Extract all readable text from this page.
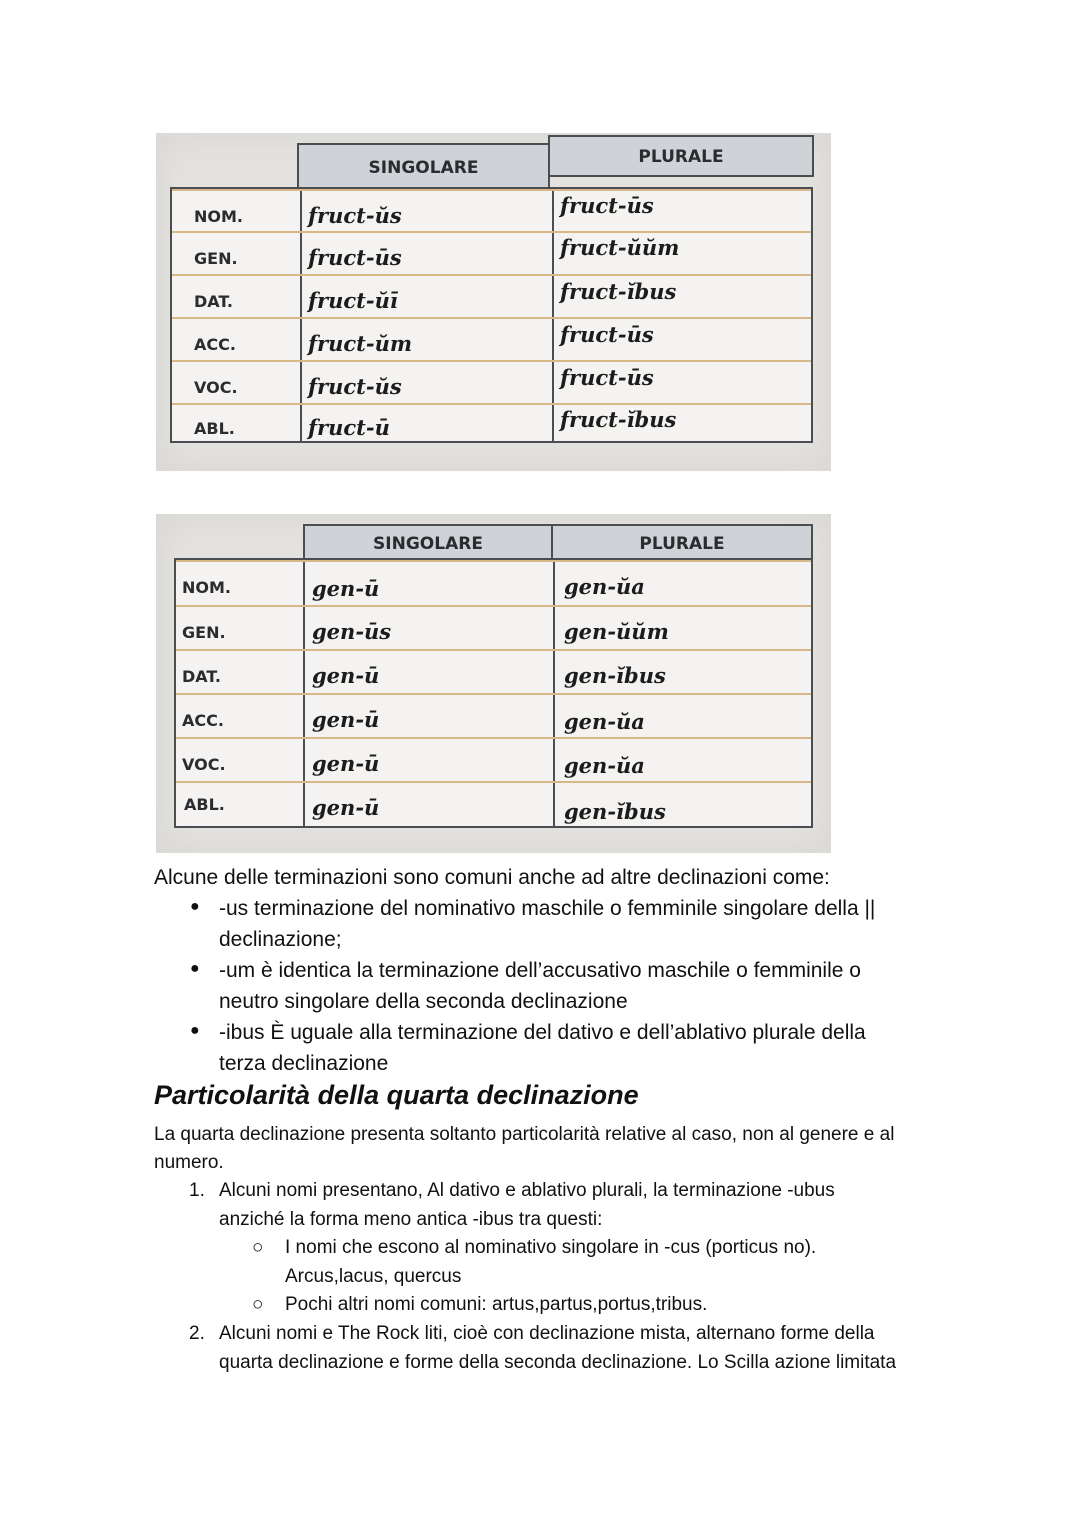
SINGOLARE
PLURALE
NOM.	fruct-ŭs	fruct-ūs
GEN.	fruct-ūs	fruct-ŭŭm
DAT.	fruct-ŭī	fruct-ĭbus
ACC.	fruct-ŭm	fruct-ūs
VOC.	fruct-ŭs	fruct-ūs
ABL.	fruct-ū	fruct-ĭbus
SINGOLARE	PLURALE
NOM.	gen-ū	gen-ŭa
GEN.	gen-ūs	gen-ŭŭm
DAT.	gen-ū	gen-ĭbus
ACC.	gen-ū	gen-ŭa
VOC.	gen-ū	gen-ŭa
ABL.	gen-ū	gen-ĭbus
Alcune delle terminazioni sono comuni anche ad altre declinazioni come:
● -us terminazione del nominativo maschile o femminile singolare della ||
declinazione;
● -um è identica la terminazione dell’accusativo maschile o femminile o
neutro singolare della seconda declinazione
● -ibus È uguale alla terminazione del dativo e dell’ablativo plurale della
terza declinazione
Particolarità della quarta declinazione
La quarta declinazione presenta soltanto particolarità relative al caso, non al genere e al
numero.
1. Alcuni nomi presentano, Al dativo e ablativo plurali, la terminazione -ubus
anziché la forma meno antica -ibus tra questi:
○ I nomi che escono al nominativo singolare in -cus (porticus no).
Arcus,lacus, quercus
○ Pochi altri nomi comuni: artus,partus,portus,tribus.
2. Alcuni nomi e The Rock liti, cioè con declinazione mista, alternano forme della
quarta declinazione e forme della seconda declinazione. Lo Scilla azione limitata
